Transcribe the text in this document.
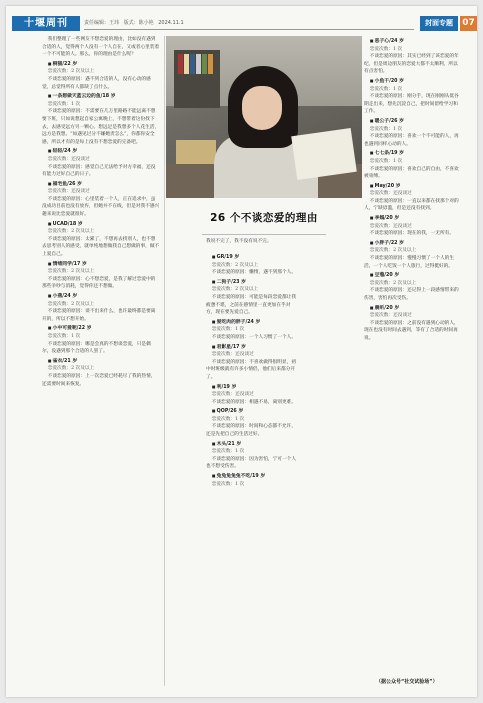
十堰周刊	责任编辑：王玮 版式：陈小艳 2024.11.1	封面专题	07

我们整理了一些网友不想恋爱的理由，比如没有遇到合适的人，觉得两个人没有一个人自在，又或者心里装着一个不可能的人。那么，你的理由是什么呢？

■ 桐猫/22 岁

恋爱次数：2 次及以上

不谈恋爱的原因：遇不到合适的人，没有心动的感觉，总觉得所有人都缺了点什么。

■ 一条想做天蓝云边的鱼/18 岁

恋爱次数：1 次

不谈恋爱的原因：不需要在几万里路路不能远离不想要下班，只如说想起自家公寓晚上，不想带着这份找下去，去感受远方另一颗心。想远足是我想多个人花生活，远方是我想。“如遇见过分不嫌她责怎么”，你都你安全感，所以才有的是每上没有不想恋爱的完备吧。

■ 轻轻/24 岁

恋爱次数：还没谈过

不谈恋爱的原因：感觉自己无法给予对方幸福，还没有能力过好自己的日子。

■ 福宅鱼/26 岁

恋爱次数：还没谈过

不谈恋爱的原因：心里装着一个人，正在追求中，虽没成功目前也没有放弃，但她并不在线，但是对我不感兴趣来说比恋爱就很好。

■ UCAD/18 岁

恋爱次数：2 次及以上

不谈恋爱的原因：太累了，不想再去找别人，也不想去思考别人的感受，就单纯地想做我自己想做的事，做不上爱自己。

■ 情绪同学/17 岁

恋爱次数：2 次及以上

不谈恋爱的原因：心不想恋爱，是我了解过恋爱中的那些争吵与消耗，觉得你还不想做。

■ 小燕/24 岁

恋爱次数：2 次及以上

不谈恋爱的原因：谈不出来什么，也许最终都是要离开的，所以不想开始。

■ 小中可爱呢/22 岁

恋爱次数：1 次

不谈恋爱的原因：哪是会真的不想谈恋爱，只是偶尔，没遇到那个合适的人罢了。

■ 雀衣/21 岁

恋爱次数：2 次及以上

不谈恋爱的原因：上一次恋爱已经耗尽了我的热情，还需要时间来恢复。

26 个不谈恋爱的理由
我说不完了，我不没有说不完。

■ GR/19 岁

恋爱次数：2 次及以上

不谈恋爱的原因：懒惰，遇不到那个人。

■ 二狗子/23 岁

恋爱次数：2 次及以上

不谈恋爱的原因：可能是每段恋爱都让我疲惫不堪，之前在感情里一直更加在乎对方，现在要先爱自己。

■ 爱吃肉的胖子/24 岁

恋爱次数：1 次

不谈恋爱的原因：一个人习惯了一个人。

■ 君影星/17 岁

恋爱次数：还没谈过

不谈恋爱的原因：不喜欢做得很明显，初中时班级就有许多小情侣，他们后来都分开了。

■ 利/19 岁

恋爱次数：还没谈过

不谈恋爱的原因：相遇不易，离别更难。

■ QOP/26 岁

恋爱次数：1 次

不谈恋爱的原因：时间和心态都不允许，还是先把自己的生活过好。

■ 木头/21 岁

恋爱次数：1 次

不谈恋爱的原因：因为害怕，宁可一个人也不想受伤害。

■ 兔兔兔兔兔不吃/19 岁

恋爱次数：1 次

■ 恶子心/24 岁

恋爱次数：1 次

不谈恋爱的原因：其实已经到了该恋爱的年纪，但是周边朋友的恋爱大都不太顺利，所以有点害怕。

■ 小鱼干/20 岁

恋爱次数：1 次

不谈恋爱的原因：刚分手，现在刚刚从低谷期走出来，想先沉淀自己，把时间留给学习和工作。

■ 暖公子/26 岁

恋爱次数：1 次

不谈恋爱的原因：喜欢一个不可能的人，再也遇到同样心动的人。

■ 七七条/19 岁

恋爱次数：1 次

不谈恋爱的原因：喜欢自己的自由，不喜欢被束缚。

■ May/20 岁

恋爱次数：还没谈过

不谈恋爱的原因：一直以来都在找那个对的人，宁缺毋滥，但是还没有找到。

■ 李嫣/20 岁

恋爱次数：还没谈过

不谈恋爱的原因：现在的我，一无所有。

■ 小胖子/22 岁

恋爱次数：2 次及以上

不谈恋爱的原因：慢慢习惯了一个人的生活，一个人吃饭一个人旅行，过得挺好的。

■ 豆蔻/20 岁

恋爱次数：2 次及以上

不谈恋爱的原因：还记得上一段感情带来的伤害，害怕再次受伤。

■ 晨昕/20 岁

恋爱次数：还没谈过

不谈恋爱的原因：之前没有遇到心动的人，现在也没有时间去遇到，等有了合适的时间再说。

（据公众号“社交试验场”）
